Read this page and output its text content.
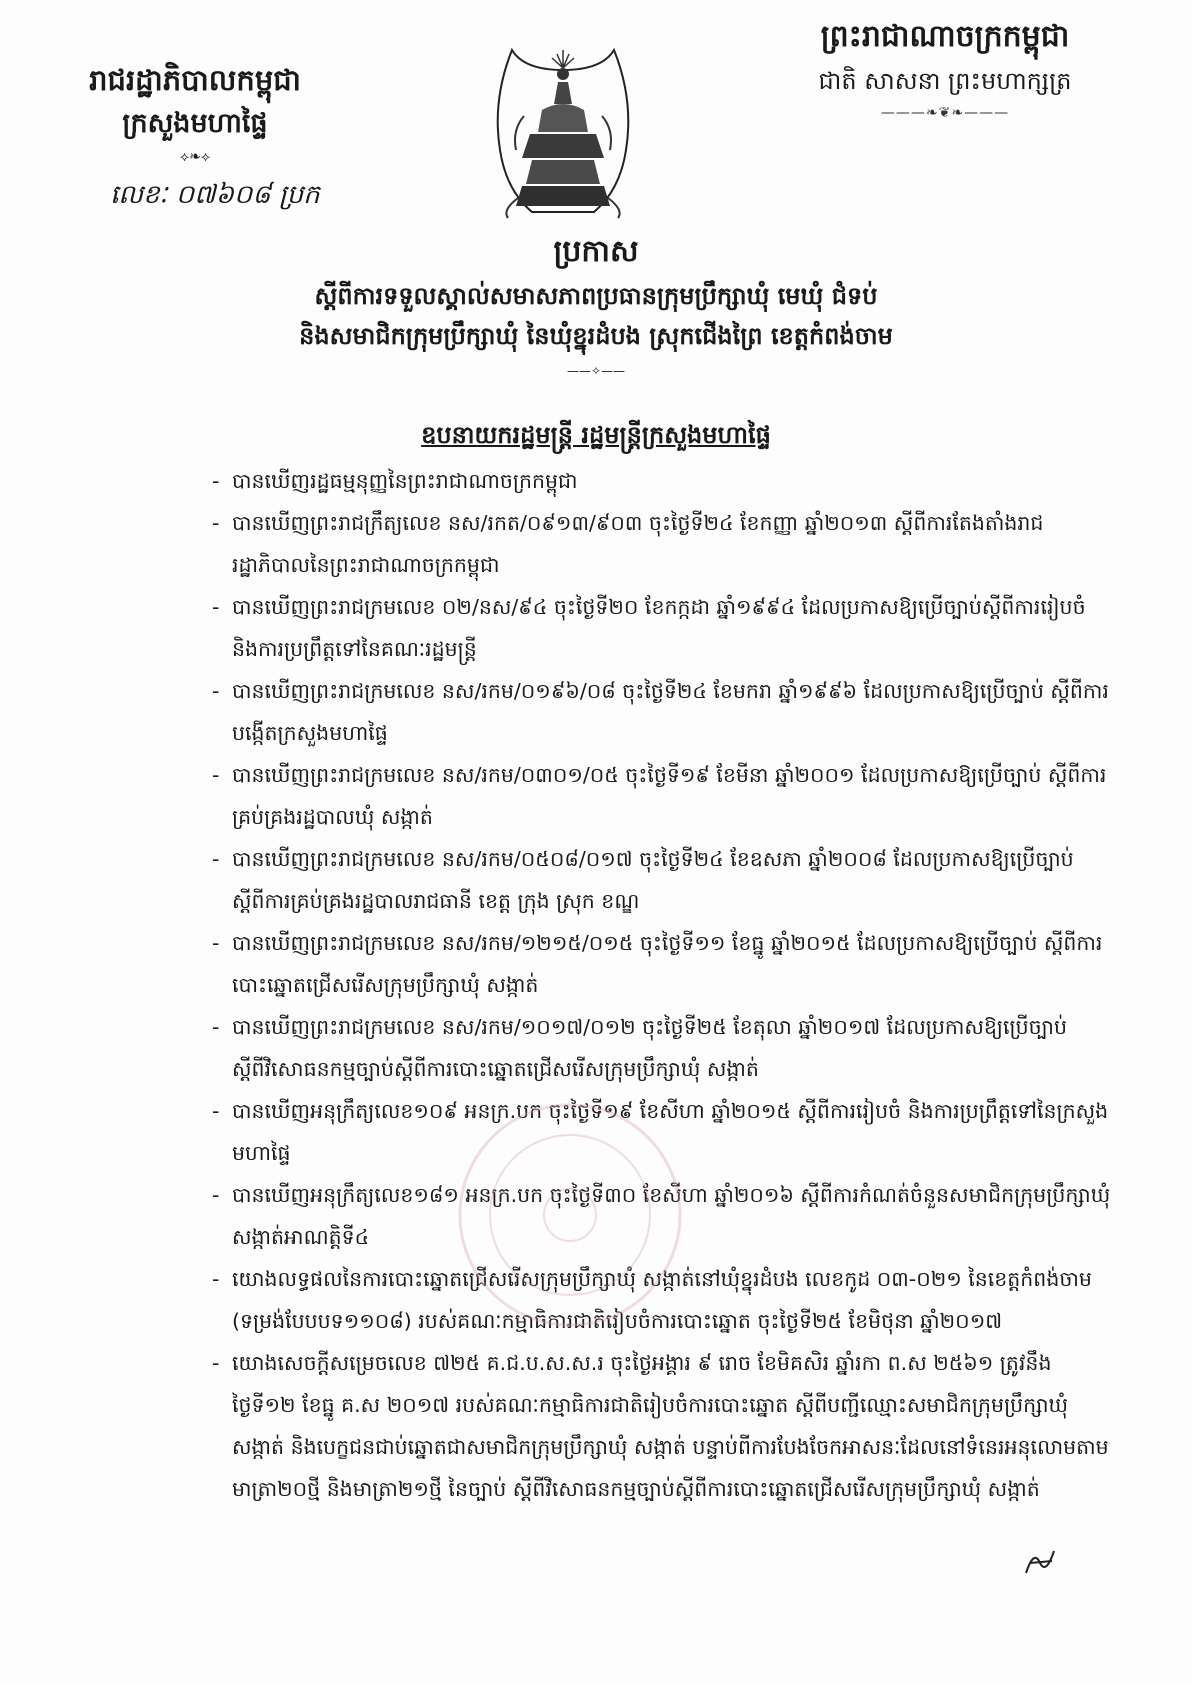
ព្រះរាជាណាចក្រកម្ពុជា
ជាតិ សាសនា ព្រះមហាក្សត្រ
———❧❦❧———
រាជរដ្ឋាភិបាលកម្ពុជា
ក្រសួងមហាផ្ទៃ
⟡❧⟡
លេខៈ ០៧៦០៨ ប្រក
ប្រកាស
ស្តីពីការទទួលស្គាល់សមាសភាពប្រធានក្រុមប្រឹក្សាឃុំ មេឃុំ ជំទប់
និងសមាជិកក្រុមប្រឹក្សាឃុំ នៃឃុំខ្នុរដំបង ស្រុកជើងព្រៃ ខេត្តកំពង់ចាម
——✧——
ឧបនាយករដ្ឋមន្ត្រី រដ្ឋមន្ត្រីក្រសួងមហាផ្ទៃ
- បានឃើញរដ្ឋធម្មនុញ្ញនៃព្រះរាជាណាចក្រកម្ពុជា
- បានឃើញព្រះរាជក្រឹត្យលេខ នស/រកត/០៩១៣/៩០៣ ចុះថ្ងៃទី២៤ ខែកញ្ញា ឆ្នាំ២០១៣ ស្តីពីការតែងតាំងរាជរដ្ឋាភិបាលនៃព្រះរាជាណាចក្រកម្ពុជា
- បានឃើញព្រះរាជក្រមលេខ ០២/នស/៩៤ ចុះថ្ងៃទី២០ ខែកក្កដា ឆ្នាំ១៩៩៤ ដែលប្រកាសឱ្យប្រើច្បាប់ស្តីពីការរៀបចំ និងការប្រព្រឹត្តទៅនៃគណៈរដ្ឋមន្ត្រី
- បានឃើញព្រះរាជក្រមលេខ នស/រកម/០១៩៦/០៨ ចុះថ្ងៃទី២៤ ខែមករា ឆ្នាំ១៩៩៦ ដែលប្រកាសឱ្យប្រើច្បាប់ ស្តីពីការបង្កើតក្រសួងមហាផ្ទៃ
- បានឃើញព្រះរាជក្រមលេខ នស/រកម/០៣០១/០៥ ចុះថ្ងៃទី១៩ ខែមីនា ឆ្នាំ២០០១ ដែលប្រកាសឱ្យប្រើច្បាប់ ស្តីពីការគ្រប់គ្រងរដ្ឋបាលឃុំ សង្កាត់
- បានឃើញព្រះរាជក្រមលេខ នស/រកម/០៥០៨/០១៧ ចុះថ្ងៃទី២៤ ខែឧសភា ឆ្នាំ២០០៨ ដែលប្រកាសឱ្យប្រើច្បាប់ ស្តីពីការគ្រប់គ្រងរដ្ឋបាលរាជធានី ខេត្ត ក្រុង ស្រុក ខណ្ឌ
- បានឃើញព្រះរាជក្រមលេខ នស/រកម/១២១៥/០១៥ ចុះថ្ងៃទី១១ ខែធ្នូ ឆ្នាំ២០១៥ ដែលប្រកាសឱ្យប្រើច្បាប់ ស្តីពីការបោះឆ្នោតជ្រើសរើសក្រុមប្រឹក្សាឃុំ សង្កាត់
- បានឃើញព្រះរាជក្រមលេខ នស/រកម/១០១៧/០១២ ចុះថ្ងៃទី២៥ ខែតុលា ឆ្នាំ២០១៧ ដែលប្រកាសឱ្យប្រើច្បាប់ ស្តីពីវិសោធនកម្មច្បាប់ស្តីពីការបោះឆ្នោតជ្រើសរើសក្រុមប្រឹក្សាឃុំ សង្កាត់
- បានឃើញអនុក្រឹត្យលេខ១០៩ អនក្រ.បក ចុះថ្ងៃទី១៩ ខែសីហា ឆ្នាំ២០១៥ ស្តីពីការរៀបចំ និងការប្រព្រឹត្តទៅនៃក្រសួងមហាផ្ទៃ
- បានឃើញអនុក្រឹត្យលេខ១៨១ អនក្រ.បក ចុះថ្ងៃទី៣០ ខែសីហា ឆ្នាំ២០១៦ ស្តីពីការកំណត់ចំនួនសមាជិកក្រុមប្រឹក្សាឃុំ សង្កាត់អាណត្តិទី៤
- យោងលទ្ធផលនៃការបោះឆ្នោតជ្រើសរើសក្រុមប្រឹក្សាឃុំ សង្កាត់នៅឃុំខ្នុរដំបង លេខកូដ ០៣-០២១ នៃខេត្តកំពង់ចាម (ទម្រង់បែបបទ១១០៨) របស់គណៈកម្មាធិការជាតិរៀបចំការបោះឆ្នោត ចុះថ្ងៃទី២៥ ខែមិថុនា ឆ្នាំ២០១៧
- យោងសេចក្តីសម្រេចលេខ ៧២៥ គ.ជ.ប.ស.ស.រ ចុះថ្ងៃអង្គារ ៩ រោច ខែមិគសិរ ឆ្នាំរកា ព.ស ២៥៦១ ត្រូវនឹងថ្ងៃទី១២ ខែធ្នូ គ.ស ២០១៧ របស់គណៈកម្មាធិការជាតិរៀបចំការបោះឆ្នោត ស្តីពីបញ្ជីឈ្មោះសមាជិកក្រុមប្រឹក្សាឃុំ សង្កាត់ និងបេក្ខជនជាប់ឆ្នោតជាសមាជិកក្រុមប្រឹក្សាឃុំ សង្កាត់ បន្ទាប់ពីការបែងចែកអាសនៈដែលនៅទំនេរអនុលោមតាមមាត្រា២០ថ្មី និងមាត្រា២១ថ្មី នៃច្បាប់ ស្តីពីវិសោធនកម្មច្បាប់ស្តីពីការបោះឆ្នោតជ្រើសរើសក្រុមប្រឹក្សាឃុំ សង្កាត់
